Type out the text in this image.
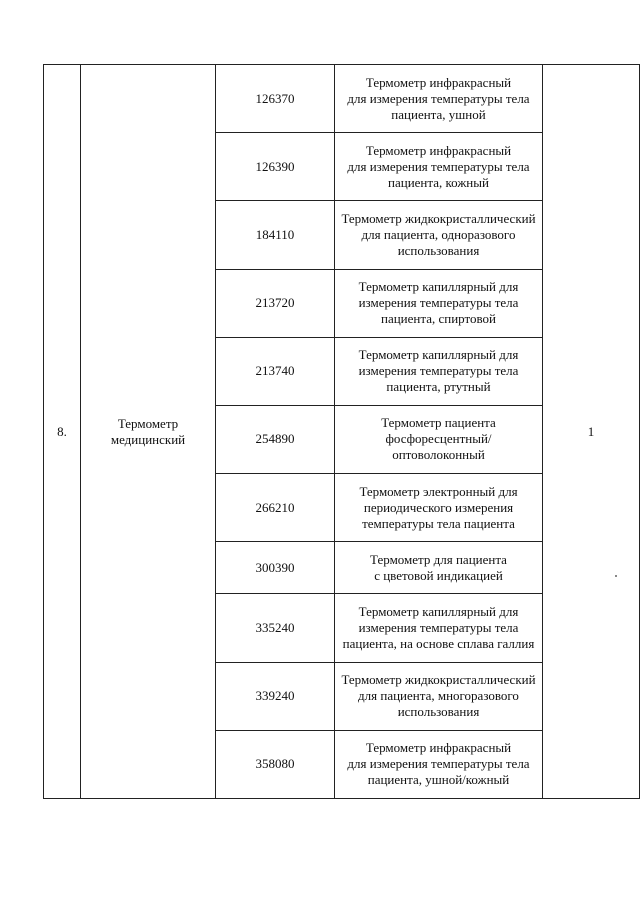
8.	Термометр
медицинский	126370	Термометр инфракрасный
для измерения температуры тела
пациента, ушной	1
		126390	Термометр инфракрасный
для измерения температуры тела
пациента, кожный	

		184110	Термометр жидкокристаллический
для пациента, одноразового
использования	

		213720	Термометр капиллярный для
измерения температуры тела
пациента, спиртовой	

		213740	Термометр капиллярный для
измерения температуры тела
пациента, ртутный	

		254890	Термометр пациента
фосфоресцентный/
оптоволоконный	

		266210	Термометр электронный для
периодического измерения
температуры тела пациента	

		300390	Термометр для пациента
с цветовой индикацией	

		335240	Термометр капиллярный для
измерения температуры тела
пациента, на основе сплава галлия	

		339240	Термометр жидкокристаллический
для пациента, многоразового
использования	

		358080	Термометр инфракрасный
для измерения температуры тела
пациента, ушной/кожный	
